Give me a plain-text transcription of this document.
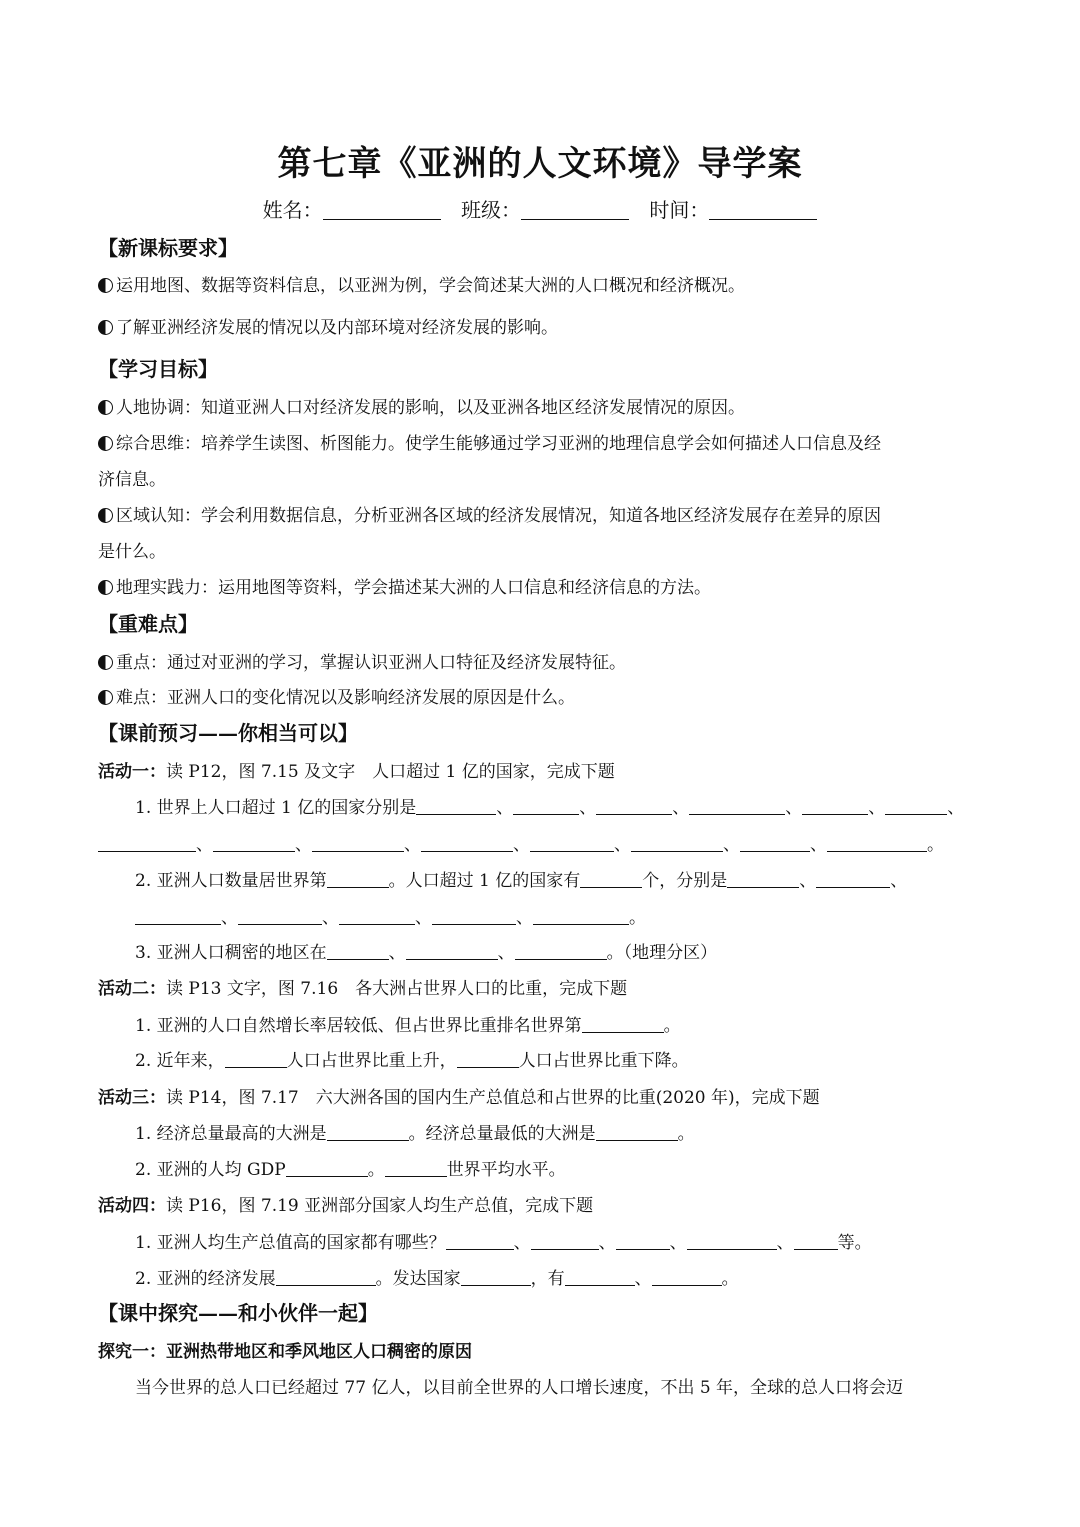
第七章《亚洲的人文环境》导学案
姓名：	班级：	时间：
【新课标要求】
运用地图、数据等资料信息，以亚洲为例，学会简述某大洲的人口概况和经济概况。
了解亚洲经济发展的情况以及内部环境对经济发展的影响。
【学习目标】
人地协调：知道亚洲人口对经济发展的影响，以及亚洲各地区经济发展情况的原因。
综合思维：培养学生读图、析图能力。使学生能够通过学习亚洲的地理信息学会如何描述人口信息及经
济信息。
区域认知：学会利用数据信息，分析亚洲各区域的经济发展情况，知道各地区经济发展存在差异的原因
是什么。
地理实践力：运用地图等资料，学会描述某大洲的人口信息和经济信息的方法。
【重难点】
重点：通过对亚洲的学习，掌握认识亚洲人口特征及经济发展特征。
难点：亚洲人口的变化情况以及影响经济发展的原因是什么。
【课前预习——你相当可以】
活动一：读 P12，图 7.15 及文字　人口超过 1 亿的国家，完成下题
1. 世界上人口超过 1 亿的国家分别是	、	、	、	、	、	、
、	、	、	、	、	、	、	。
2. 亚洲人口数量居世界第	。人口超过 1 亿的国家有	个，分别是	、	、
、	、	、	、	。
3. 亚洲人口稠密的地区在	、	、	。（地理分区）
活动二：读 P13 文字，图 7.16　各大洲占世界人口的比重，完成下题
1. 亚洲的人口自然增长率居较低、但占世界比重排名世界第	。
2. 近年来，	人口占世界比重上升，	人口占世界比重下降。
活动三：读 P14，图 7.17　六大洲各国的国内生产总值总和占世界的比重(2020 年)，完成下题
1. 经济总量最高的大洲是	。经济总量最低的大洲是	。
2. 亚洲的人均 GDP	。	世界平均水平。
活动四：读 P16，图 7.19 亚洲部分国家人均生产总值，完成下题
1. 亚洲人均生产总值高的国家都有哪些？	、	、	、	、	等。
2. 亚洲的经济发展	。发达国家	，有	、	。
【课中探究——和小伙伴一起】
探究一：亚洲热带地区和季风地区人口稠密的原因
当今世界的总人口已经超过 77 亿人，以目前全世界的人口增长速度，不出 5 年，全球的总人口将会迈
